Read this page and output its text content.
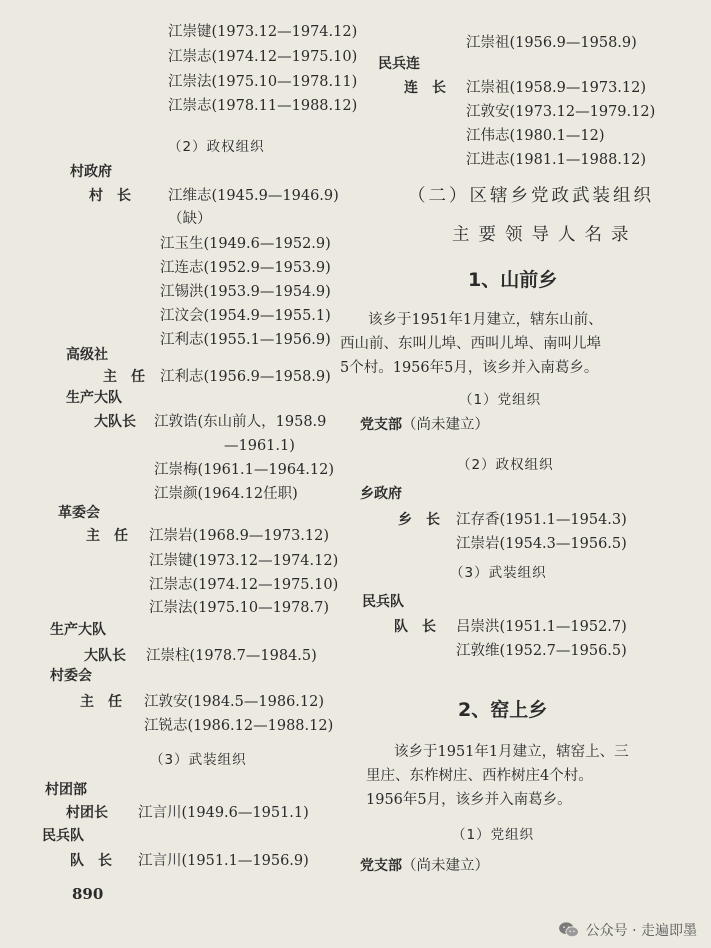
江崇键(1973.12—1974.12)
江崇志(1974.12—1975.10)
江崇法(1975.10—1978.11)
江崇志(1978.11—1988.12)
（2）政权组织
村政府
村　长	江维志(1945.9—1946.9)
（缺）
江玉生(1949.6—1952.9)
江连志(1952.9—1953.9)
江锡洪(1953.9—1954.9)
江汶会(1954.9—1955.1)
江利志(1955.1—1956.9)
高级社
主　任 江利志(1956.9—1958.9)
生产大队
大队长 江敦诰(东山前人，1958.9
—1961.1)
江崇梅(1961.1—1964.12)
江崇颜(1964.12任职)
革委会
主　任 江崇岩(1968.9—1973.12)
江崇键(1973.12—1974.12)
江崇志(1974.12—1975.10)
江崇法(1975.10—1978.7)
生产大队
大队长 江崇柱(1978.7—1984.5)
村委会
主　任 江敦安(1984.5—1986.12)
江锐志(1986.12—1988.12)
（3）武装组织
村团部
村团长 江言川(1949.6—1951.1)
民兵队
队　长 江言川(1951.1—1956.9)
890
江崇祖(1956.9—1958.9)
民兵连
连　长 江崇祖(1958.9—1973.12)
江敦安(1973.12—1979.12)
江伟志(1980.1—12)
江进志(1981.1—1988.12)
（二）区辖乡党政武装组织
主要领导人名录
1、山前乡
该乡于1951年1月建立，辖东山前、
西山前、东叫儿埠、西叫儿埠、南叫儿埠
5个村。1956年5月，该乡并入南葛乡。
（1）党组织
党支部（尚未建立）
（2）政权组织
乡政府
乡　长 江存香(1951.1—1954.3)
江崇岩(1954.3—1956.5)
（3）武装组织
民兵队
队　长 吕崇洪(1951.1—1952.7)
江敦维(1952.7—1956.5)
2、窑上乡
该乡于1951年1月建立，辖窑上、三
里庄、东柞树庄、西柞树庄4个村。
1956年5月，该乡并入南葛乡。
（1）党组织
党支部（尚未建立）
公众号 · 走遍即墨
